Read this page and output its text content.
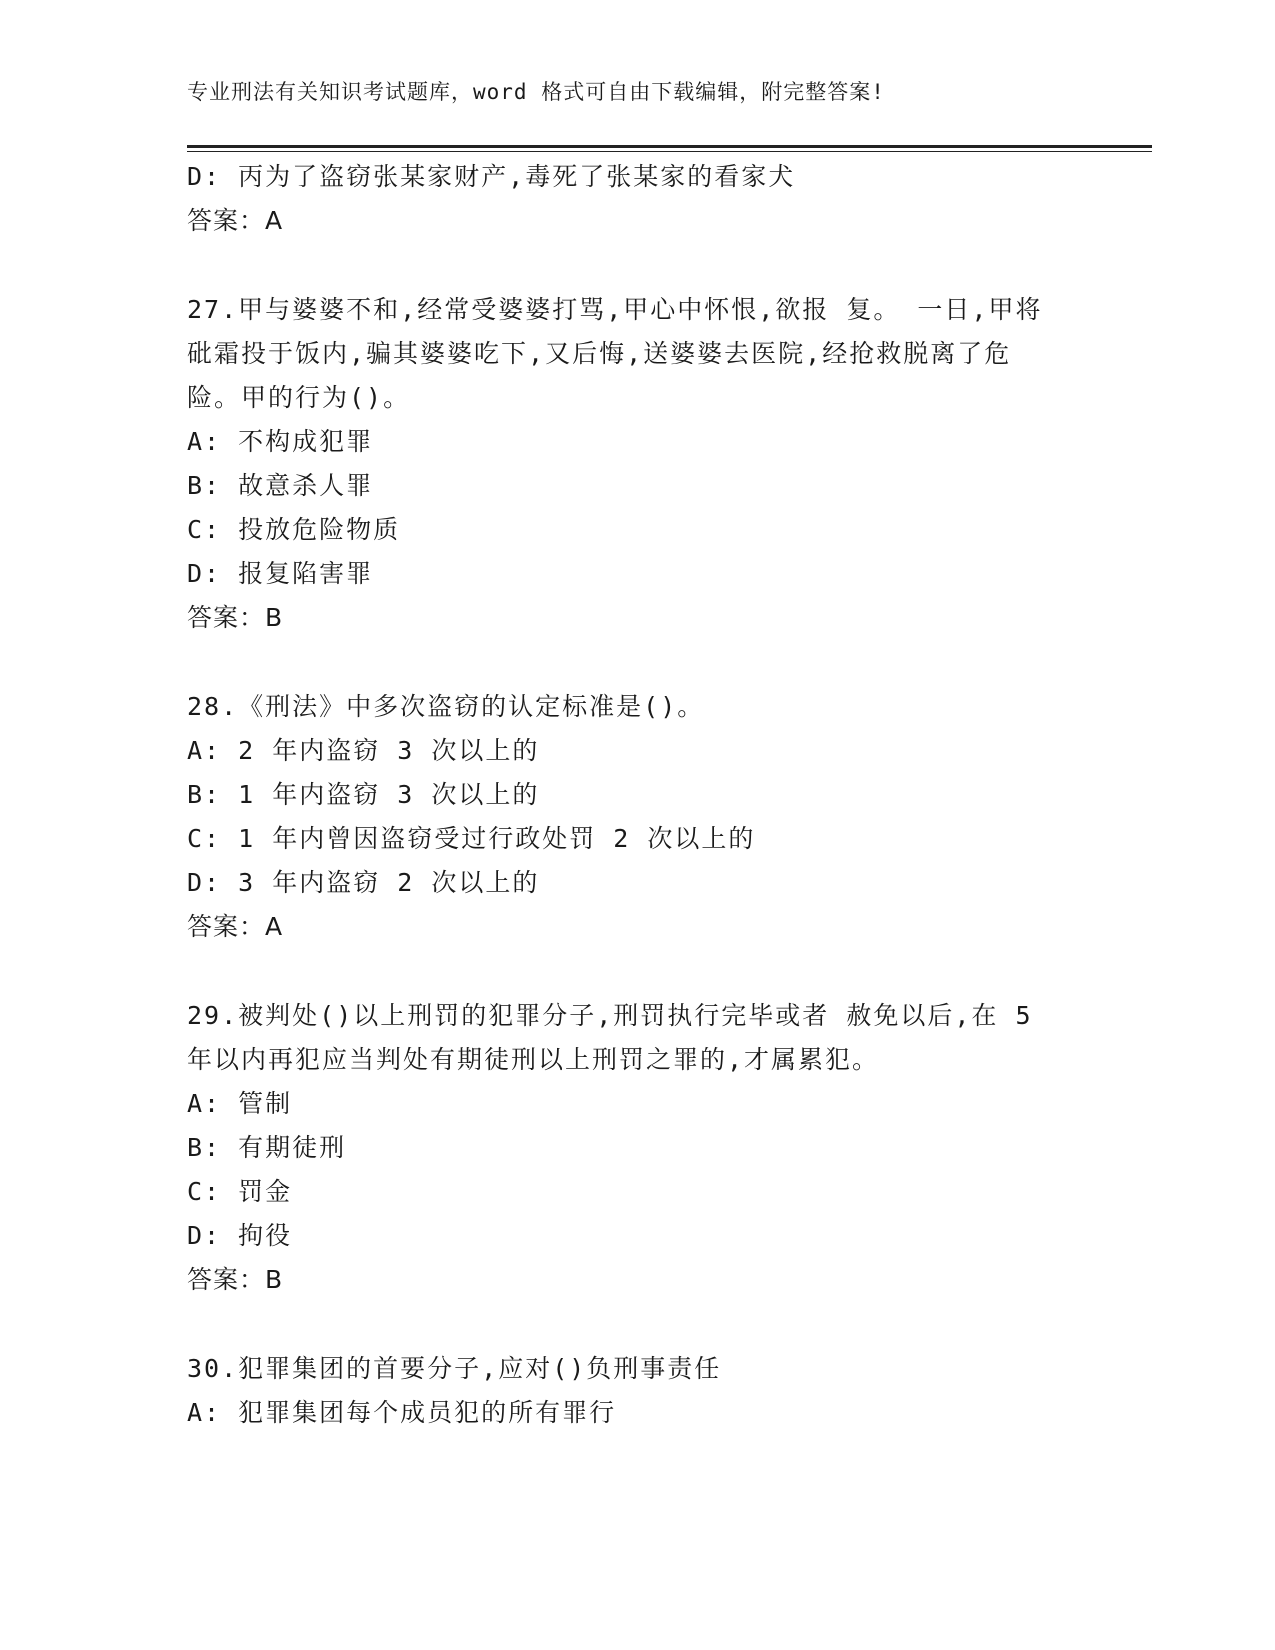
专业刑法有关知识考试题库，word 格式可自由下载编辑，附完整答案!
D: 丙为了盗窃张某家财产,毒死了张某家的看家犬
答案：A
27.甲与婆婆不和,经常受婆婆打骂,甲心中怀恨,欲报 复。 一日,甲将
砒霜投于饭内,骗其婆婆吃下,又后悔,送婆婆去医院,经抢救脱离了危
险。甲的行为()。
A: 不构成犯罪
B: 故意杀人罪
C: 投放危险物质
D: 报复陷害罪
答案：B
28.《刑法》中多次盗窃的认定标准是()。
A: 2 年内盗窃 3 次以上的
B: 1 年内盗窃 3 次以上的
C: 1 年内曾因盗窃受过行政处罚 2 次以上的
D: 3 年内盗窃 2 次以上的
答案：A
29.被判处()以上刑罚的犯罪分子,刑罚执行完毕或者 赦免以后,在 5
年以内再犯应当判处有期徒刑以上刑罚之罪的,才属累犯。
A: 管制
B: 有期徒刑
C: 罚金
D: 拘役
答案：B
30.犯罪集团的首要分子,应对()负刑事责任
A: 犯罪集团每个成员犯的所有罪行
